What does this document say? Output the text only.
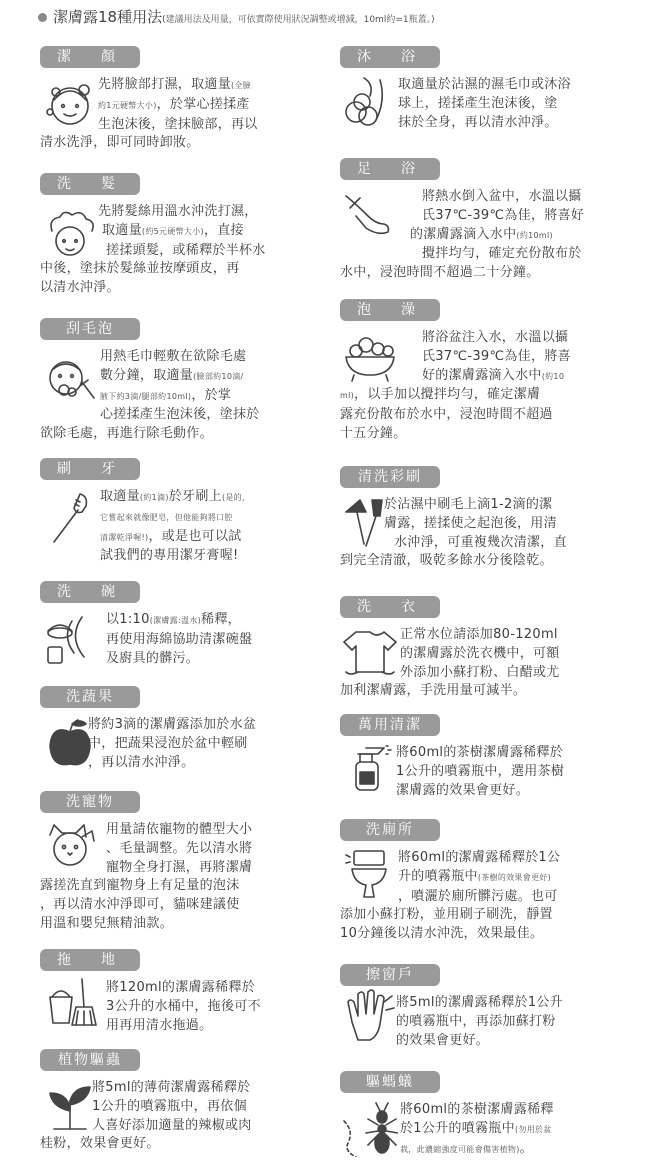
潔膚露18種用法(建議用法及用量，可依實際使用狀況調整或增減，10ml約=1瓶蓋。)
潔　顏
先將臉部打濕，取適量(全臉
約1元硬幣大小)，於掌心搓揉產
生泡沫後，塗抹臉部，再以
清水洗淨，即可同時卸妝。
洗　髮
先將髮絲用溫水沖洗打濕，
取適量(約5元硬幣大小)，直接
搓揉頭髮，或稀釋於半杯水
中後，塗抹於髮絲並按摩頭皮，再
以清水沖淨。
刮毛泡
用熱毛巾輕敷在欲除毛處
數分鐘，取適量(臉部約10滴/
腋下約3滴/腿部約10ml)，於掌
心搓揉產生泡沫後，塗抹於
欲除毛處，再進行除毛動作。
刷　牙
取適量(約1滴)於牙刷上(是的，
它嘗起來就像肥皂，但他能夠將口腔
清潔乾淨喔!)，或是也可以試
試我們的專用潔牙膏喔!
洗　碗
以1:10(潔膚露:溫水)稀釋，
再使用海綿協助清潔碗盤
及廚具的髒污。
洗蔬果
將約3滴的潔膚露添加於水盆
中，把蔬果浸泡於盆中輕刷
，再以清水沖淨。
洗寵物
用量請依寵物的體型大小
、毛量調整。先以清水將
寵物全身打濕，再將潔膚
露搓洗直到寵物身上有足量的泡沫
，再以清水沖淨即可，貓咪建議使
用溫和嬰兒無精油款。
拖　地
將120ml的潔膚露稀釋於
3公升的水桶中，拖後可不
用再用清水拖過。
植物驅蟲
將5ml的薄荷潔膚露稀釋於
1公升的噴霧瓶中，再依個
人喜好添加適量的辣椒或肉
桂粉，效果會更好。
沐　浴
取適量於沾濕的濕毛巾或沐浴
球上，搓揉產生泡沫後，塗
抹於全身，再以清水沖淨。
足　浴
將熱水倒入盆中，水溫以攝
氏37℃-39℃為佳，將喜好
的潔膚露滴入水中(約10ml)
攪拌均勻，確定充份散布於
水中，浸泡時間不超過二十分鐘。
泡　澡
將浴盆注入水，水溫以攝
氏37℃-39℃為佳，將喜
好的潔膚露滴入水中(約10
ml)，以手加以攪拌均勻，確定潔膚
露充份散布於水中，浸泡時間不超過
十五分鐘。
清洗彩刷
於沾濕中刷毛上滴1-2滴的潔
膚露，搓揉使之起泡後，用清
水沖淨，可重複幾次清潔，直
到完全清澈，吸乾多餘水分後陰乾。
洗　衣
正常水位請添加80-120ml
的潔膚露於洗衣機中，可額
外添加小蘇打粉、白醋或尤
加利潔膚露，手洗用量可減半。
萬用清潔
將60ml的茶樹潔膚露稀釋於
1公升的噴霧瓶中，選用茶樹
潔膚露的效果會更好。
洗廁所
將60ml的潔膚露稀釋於1公
升的噴霧瓶中(茶樹的效果會更好)
，噴灑於廁所髒污處。也可
添加小蘇打粉，並用刷子刷洗，靜置
10分鐘後以清水沖洗，效果最佳。
擦窗戶
將5ml的潔膚露稀釋於1公升
的噴霧瓶中，再添加蘇打粉
的效果會更好。
驅螞蟻
將60ml的茶樹潔膚露稀釋
於1公升的噴霧瓶中(勿用於盆
栽，此濃縮強度可能會傷害植物)。
